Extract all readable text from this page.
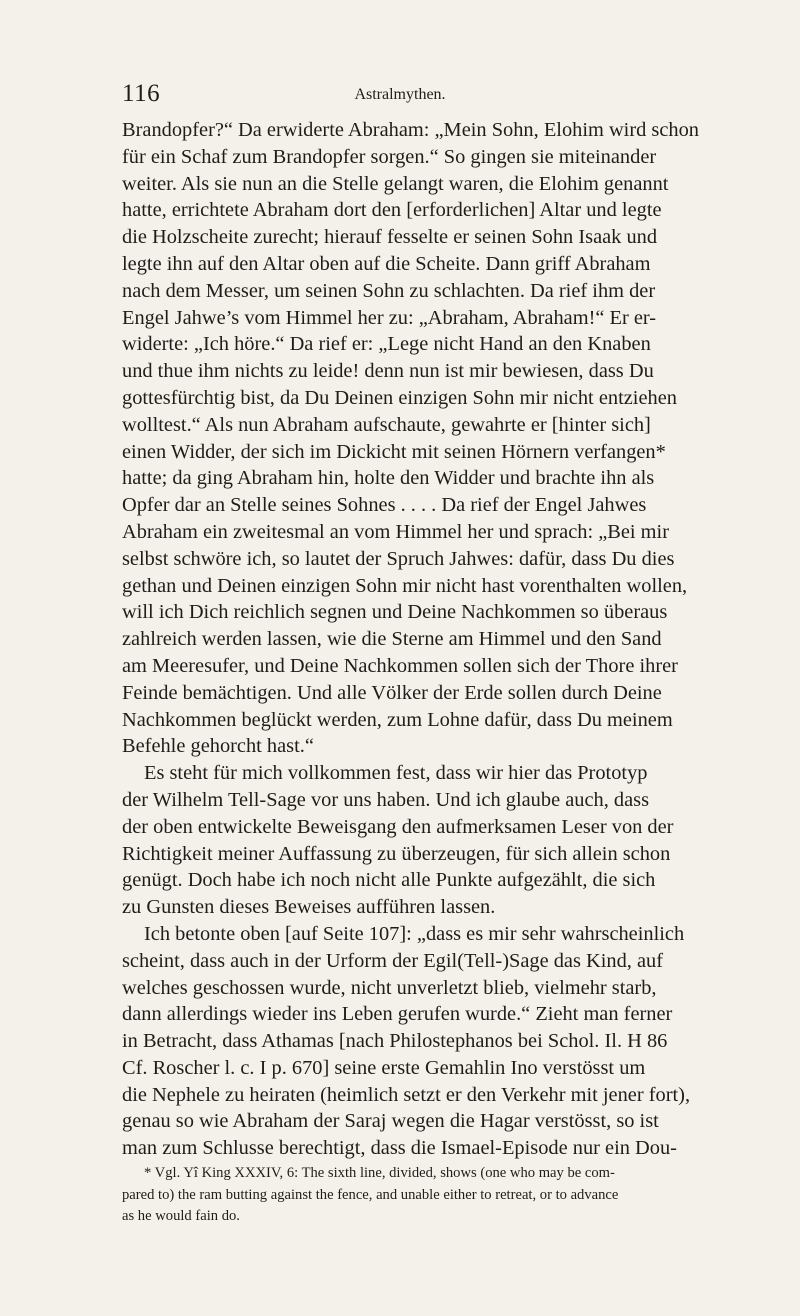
116	Astralmythen.
Brandopfer?“ Da erwiderte Abraham: „Mein Sohn, Elohim wird schon
für ein Schaf zum Brandopfer sorgen.“ So gingen sie miteinander
weiter. Als sie nun an die Stelle gelangt waren, die Elohim genannt
hatte, errichtete Abraham dort den [erforderlichen] Altar und legte
die Holzscheite zurecht; hierauf fesselte er seinen Sohn Isaak und
legte ihn auf den Altar oben auf die Scheite. Dann griff Abraham
nach dem Messer, um seinen Sohn zu schlachten. Da rief ihm der
Engel Jahwe’s vom Himmel her zu: „Abraham, Abraham!“ Er er-
widerte: „Ich höre.“ Da rief er: „Lege nicht Hand an den Knaben
und thue ihm nichts zu leide! denn nun ist mir bewiesen, dass Du
gottesfürchtig bist, da Du Deinen einzigen Sohn mir nicht entziehen
wolltest.“ Als nun Abraham aufschaute, gewahrte er [hinter sich]
einen Widder, der sich im Dickicht mit seinen Hörnern verfangen*
hatte; da ging Abraham hin, holte den Widder und brachte ihn als
Opfer dar an Stelle seines Sohnes . . . . Da rief der Engel Jahwes
Abraham ein zweitesmal an vom Himmel her und sprach: „Bei mir
selbst schwöre ich, so lautet der Spruch Jahwes: dafür, dass Du dies
gethan und Deinen einzigen Sohn mir nicht hast vorenthalten wollen,
will ich Dich reichlich segnen und Deine Nachkommen so überaus
zahlreich werden lassen, wie die Sterne am Himmel und den Sand
am Meeresufer, und Deine Nachkommen sollen sich der Thore ihrer
Feinde bemächtigen. Und alle Völker der Erde sollen durch Deine
Nachkommen beglückt werden, zum Lohne dafür, dass Du meinem
Befehle gehorcht hast.“
Es steht für mich vollkommen fest, dass wir hier das Prototyp
der Wilhelm Tell-Sage vor uns haben. Und ich glaube auch, dass
der oben entwickelte Beweisgang den aufmerksamen Leser von der
Richtigkeit meiner Auffassung zu überzeugen, für sich allein schon
genügt. Doch habe ich noch nicht alle Punkte aufgezählt, die sich
zu Gunsten dieses Beweises aufführen lassen.
Ich betonte oben [auf Seite 107]: „dass es mir sehr wahrscheinlich
scheint, dass auch in der Urform der Egil(Tell-)Sage das Kind, auf
welches geschossen wurde, nicht unverletzt blieb, vielmehr starb,
dann allerdings wieder ins Leben gerufen wurde.“ Zieht man ferner
in Betracht, dass Athamas [nach Philostephanos bei Schol. Il. H 86
Cf. Roscher l. c. I p. 670] seine erste Gemahlin Ino verstösst um
die Nephele zu heiraten (heimlich setzt er den Verkehr mit jener fort),
genau so wie Abraham der Saraj wegen die Hagar verstösst, so ist
man zum Schlusse berechtigt, dass die Ismael-Episode nur ein Dou-
* Vgl. Yî King XXXIV, 6: The sixth line, divided, shows (one who may be com-
pared to) the ram butting against the fence, and unable either to retreat, or to advance
as he would fain do.
